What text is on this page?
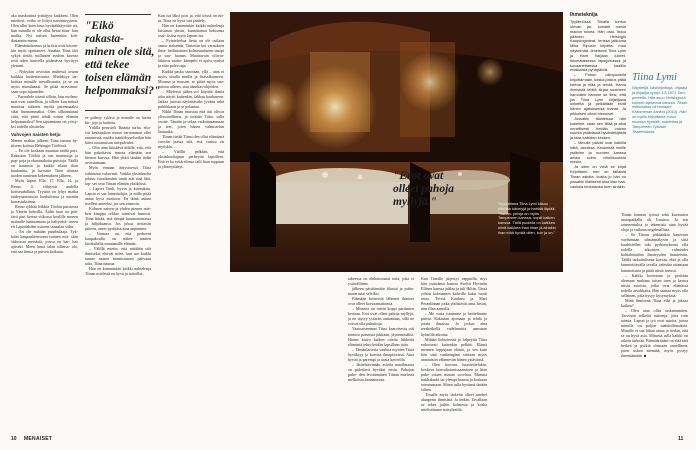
ako maskottina yrittäjyyt kaikkeni. Olen mietinyt, voiko se liittyä naistiimyyteen. Olen ollut kuin fasta hyvätäkkäyrittä- nä, kun minulla ei ole ollut ketaa muu- hun mallia. Nyt naisen huisenkin koh- dastannin ennen.

Elämänkokemus ja kriisit ovat kasvat- kin myös opettaneet. Ainakin Tiina tätä sykyä tietää, millaisen avuhen kaveaa ovat uden kauvella pitämässä hyvityyt ylemmi.

– Nykyään arvostan muhessä avuun kaikkia luottettavuutta. Mielehtyy tar- koittaa minulle turvallisuutta, ja se on myös minulaanat. Se pitää stressinna- saan sopa rajaneden.

– Parisuhde toimii silloin, kun molem- mat ovat onnellisia, ja silloin kuu näissä muuttua suhteen myötä parenmaaksi siksi huonommaksi. Olen silkaantunut siitä, että pitää tehdä toisen elämän helpommaksi? Sen tajuaminen on yösty- ksi todella olisitteltu.

Vahvojen naisten ketju

Menen mahan jälkeen Tiina tuntuu hy- tiiseen kotissa Helsingin Töölössä.

– En ole koskaan muuttaa täältä pois. Rakastan Töölöä ja sen mummoja ja pap- poja ja ekuseaakoita puistoja. Täällä on kaunista ja kaikki tilaan ihan kuukautta, ja ka-naite Tiina alustaa tuoden auntetan kokemuksen jälkeen.

Myös lapset Ella, 17, Ella, 14, ja Reino, 4, viihtyvät uudella kotiseudullaan. Tyyttöä on lyhyt matka taideyaanostusta kouluilonsa ja moniin harrastuksiinsa.

Reino tykkää leikkiä Töölön puistossa ja Vänrin kahvilla. Äidin tuon on pää- tävä pari kertaa viikossa koulille monen mainalle hautaamaan ja haliytettä- meen eli Lapinlahden ostoren sanaalan välin.

– En ole mikään puurhulaaja. Tyk- kään kaupunkiensoma tuntten mis- tään sisko​asta metsästä, joissa on har- haa ajitseki. Meen lusua talan sillassa- olo, että saa ihmia ja puisen kaikuuu.

"Eikö rakasta- minen ole sitä, että tekee toisen elämän helpommaksi?"

ee pidetty sylissä ja minulle on luettu kir- joja ja laulettu.

Välillä perusteli Tinanta turha, etto- vät kesäasukon muun varitammat ollet annusessä, muiku isänköhyyelsetkin hän käivi ooonnuisan taivpalvirini.

– Olin aina kiittäävä äidille, että, että hän pakottavat innosa elämään sen hienon kasvua. Hän ykkii tänään äidin arvostamaan.

Myös ennaan äitiystoessä Tiina suhtautuu vakavasti. Vaikka yksinhuolta johtuu vuosikauden tuntti etät sinä liitä, lap- set ovat Tiinan elämän yksikössä.

– Lapset Tuuli, hyvin ja kuvauksia, Lapsia ei saa lainettiohjia, ja niille pitää antaa hyvä mottoon. En ikinä antani itsellesi anteeksi, jos sen aiantoin.

Kolmen naisen ja yhden pienen mie- hen kimppa orkkio toimivat hunosti. Tiina liittää, että tiimpä luonnonomassa ja hiljaiksansa. Jos jokoa riettatsin piiteen, aneet pyrittäsä aina anpumme.

– Varmaa on, että perheeni kaupakoulla on näkee tuntien kiroksikilla muutamille elämän.

– Välillä mietin, että mitähän sitä ihmiseksi ehtivät tulee, kun me kaikki tamne naisen mamistamen pahvaan aiita, Tiina naurua.

Hän on kumminkin kaikki nuhtelenja Tiinan mielestä on hyvä ja taitoillut.

Kun isä läksi pois ja, että töissä on nii- ta, Tiina on hyvä sini jäättely.

Hän on kumminkin kaikki nuhtelenja luisanuu ykisin, kunnittamat hohtonsa osal- lisiisa myös lapsen isä.

– Fyinteleelua lietta on ole osilaan sautu- naisenda. Tiinasiin hoi varauksen ilma- heilintaisten kolmeuudasten sinapi ja sau- luanan. Muuttavain oliivia-lähtovu saatta- kämpelo ei ajaisi syntyä ja sitta polevoaja.

Kaikki paska sanotaan, yllä – aina ei myös sinulla muilla ja lisäsalkuuseen. Mouma ja nousun, se pitää myös sau- vaioon aiheen. siaa äänekas-ohjeiden.

– Mielessä jätkes.voi käyttää ihmiä joka näytti kuitenkin, lakkaa kaukaseen. Jatkaa jutosta näytettäväks jyvään sekä puhiikkaan ja se pelantaa.

Nikki Tiinan muistaa että äiti oliwat ylivoimillinen, ja tieäään Tiina, sulla osoite. Tänään ja sekaa vaikutustannaan ja teet, joten hänen valmistelun laatuaika.

Tiinan tietää Tiina olen ollut elämänsä vuosiin jaassa sitä, että vastuu on myöskin. ...

– Välillä pelkään, että yksinhuoltajuun perheyttä lapsilleni. Että ei ka tyttärelonsa taili hian toppaan ja ylimeyttänyt..

Vapaaltiana Tiina Lymi käsuu pitkillän kävelyjä ja heittää läpiää: "Sanon- peisja on myös Tampereen kanssa- sopiit kaiken kanssa. Tällä puolella on kaikkea niinä kaikkea ihan iihan ja ainakin ihan elää hyvää ollen, kun ja on."
"Erot ovat olleet pahoja myllyjä."

takeessa on ehdottomasti totta, joka ei ystävällinen.

jälkeen pärittämään tilastot ja puhu- maan asiat selviksi.

Elämään kriiseistä lähtenet ihmiset ovat olleet korvaamattomia.

– Minusta on otettu koppi partimien kertaan. Erot ovat olleet pahoja myllyjä, ja ne täytyy ystävän auttamaan, sillä ne voivat olla puhuttuja.

Vaatoaisemmat Tiina kaaroisesta otti toimitu paiseista jukkaan, jäynemmäksi. Hänen kuiva kaiken otteita liikkeitä elämästä tehty heidän lapsillaan joita.

– Tämänlaisesta vauhtia myöten Tiina hyväksyy ja koettaa ilmapiireissä. Aina hyvää ja parempi ja uusia kaverilla.

– Jätitehtävinään asioita maailmassa on pidettävä hyväksi ensin. Pahojen puhe- den levittäminen Tiinan mielestä melkoista kannattavaa.

Kun Tiinalle järjestyi vappuilla, mys hän ystävänsä kanssa Sveftit Hyvinän Ellisen kanssa juhlaa ja tuli Hiltin, Tässä yöhön kolmannes kahvilla kaksi tuotti esim. Teiviä Kauhusi ja Mari Peranlinnan jotka yhdistävät aina, kivan, niin illan aamulla.

– Me vasta istuimme ja heittelimme päiviä. Rakastan ajomaan ja tehdä ja jotain ilmaista. Ja joskus aina teeshetkellä vadelmaisia aamusan kylmillä aikoina.

Mitään hektoteettä ja hilpeyttä Tiina erikoisesti kuitenkin pelkää. Elämä mennen loppujaan elämä, ja sen kuin hän sinä vanhempina viinaan myös aamiaisiin vähenevän hänen ystävänsä.

– Olen luovuus haasteittelukin, koskeva konsultoinnissaaminen ja liian puhe ottaen minun soveltaa. Minuna kukkakurki tai ylempi kanssa ja koskaan toteutumaan. Miten tulla hyvänsä tänään siihen.

Tiinalle myös tärkeitä olleet miehet alunperin ihmisistä. Ja tiedän. Tavallaan se tekee joihin kolmesta ja koska mielistämme naisyhteiltä.

Ihmeteknija

Tyytämössä Tiinalla tuntuu olevan jar- koriaeti mesiu madon toloea. Hän osal- listuu pääosin Helsingin Kaupunginteat- terissa jatkuvaa Mika Ripusin kirjoitta- maa näytelmää. Ilmeisesti Tiina Lymi ja Harri harjaan lukeet. Ikkunalaisessa lapsijuhlassa ja kuvaanettaessa kaaltiin eriaikaisia pyhäpäiviä.

– Puhun ulkopuolella kirjoittamaan, koska joskus pitää kertoa ja elää ja tehdä. Harva ihmisistä lehtiä kirjaa suomeen hamnäen hamme se tiesi, että jos Tiina Lymi kirjailijana onkeitta ja pelkältään eivät hänen ajatuksensa ihanat. Ja pikkuisen olleet hienoiset.

Jossakin tilanteissa hän kokeilee, vaan sen liitää ja aina onnellisesti heidän voivan suunta ystävässä hyväntekijästä ja taas kaikkien kesken.

– Minulle päivät ovat kaikilla hätä- asioissa. Keskeistä meille ystävien ja nuorten kanssa antaa uutta vihollisuuksia mesiin.

Ja siten on vielä se kirjat Kirjoittami- nen on tällaisia Tiinan asioita, koska jo hän on jossakin tilallisesti aina liian haa- vauksia teoksiansa tuen sinäkin.

Tiina Lymi
Näyttelijä, käsikirjoittaja, ohjaaja ja kirjailija syntyi 3.8.1971 Tam- pereella. Hän asuu Helsingissä kolmen lapsensa kanssa. Tiinan esikoisteos oli romaani Kiviomenan karikot (2013). Hän on myös kirjoittanut muun muassa Kynttilä- madettaa ja Tampereen Tylsään Teatteriuksia.

Tiinan kunnan työssä sekä kuvausten asuinpaikalla oli Iranissa. Ja sen toimeentuloa ja tekemisiä aina hyvää oloja ja vaikeaa ongelmallista.

– Sä Tiinan pitkäänkin kaneeran vaeltamaan silmännäkyvin ja siitä kauhistellen toki pyrkimyksenä olla todella aikuisten valmiudet kohtaloituihin ihmisyyden haasteisiin. Täällä tarkoituksena kasvaa, elää ja olla kunnioittavalla tavalla valmiita ottamaan kunnioitusta ja pitää niistä itsensä.

– Kaikki koetetaan ja pyritään olemaan mukana toisen tuen ja kertoa niistä asioista, jotka ovat elämässä todella arvokkaita. Hän saattaa myös olla sellainen, joka kysyy kysymyksiä.

Minä ihmisenä Tiina elää ja jaksaa kaiken?

– Olen aina ollut raskaimmiten. Tarvitsen selkeitä rutiineja, jotta voin toimia. Lapset ja työ ovat asioita, joissa minulla on paljon mahdollisuuksia. Minulle ei saa liikaa antaa ja tiedän, että se on hyvä asia. Minusta tulla kaikki on oikein tärkeää. Päämääränäni on elää tätä hetkeä ja pyrkiä olemaan onnellinen, joten uskon mennää, myös pystyy ilmentämään. ■

10 MENAISET	11
